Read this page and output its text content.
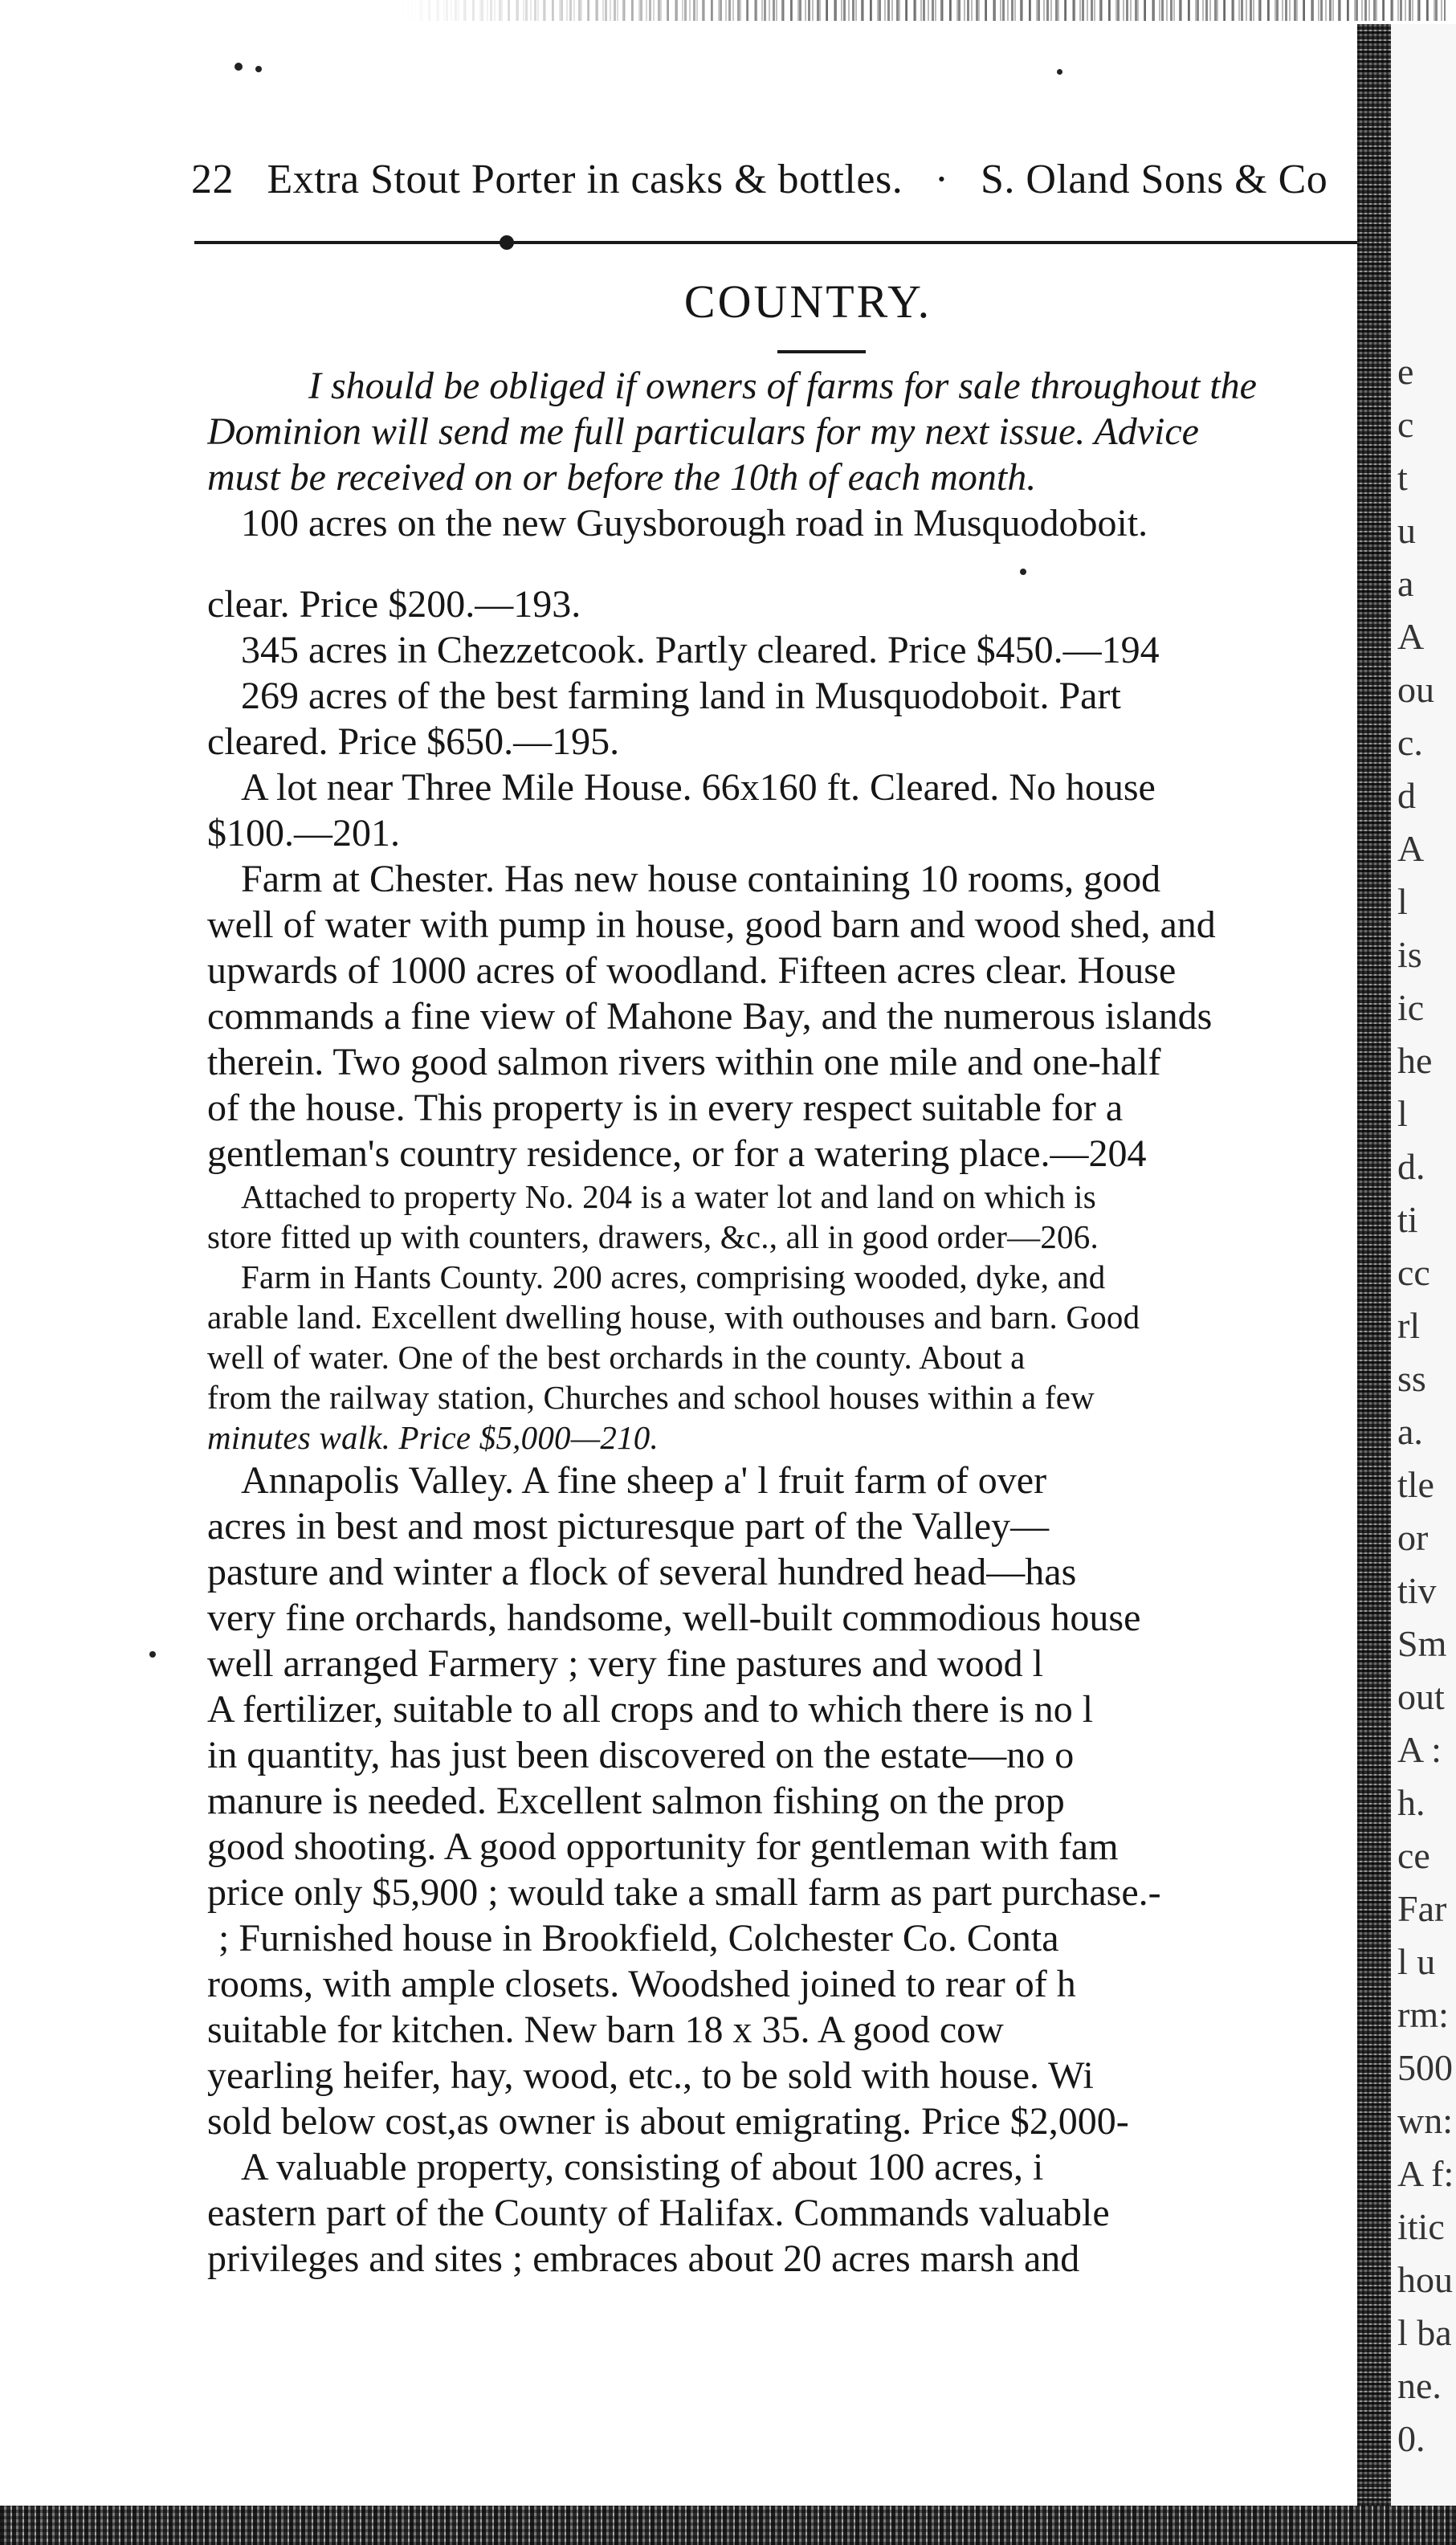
22 Extra Stout Porter in casks & bottles. · S. Oland Sons & Co
COUNTRY.
I should be obliged if owners of farms for sale throughout the
Dominion will send me full particulars for my next issue. Advice
must be received on or before the 10th of each month.
100 acres on the new Guysborough road in Musquodoboit.
clear. Price $200.—193.
345 acres in Chezzetcook. Partly cleared. Price $450.—194
269 acres of the best farming land in Musquodoboit. Part
cleared. Price $650.—195.
A lot near Three Mile House. 66x160 ft. Cleared. No house
$100.—201.
Farm at Chester. Has new house containing 10 rooms, good
well of water with pump in house, good barn and wood shed, and
upwards of 1000 acres of woodland. Fifteen acres clear. House
commands a fine view of Mahone Bay, and the numerous islands
therein. Two good salmon rivers within one mile and one-half
of the house. This property is in every respect suitable for a
gentleman's country residence, or for a watering place.—204
Attached to property No. 204 is a water lot and land on which is
store fitted up with counters, drawers, &c., all in good order—206.
Farm in Hants County. 200 acres, comprising wooded, dyke, and
arable land. Excellent dwelling house, with outhouses and barn. Good
well of water. One of the best orchards in the county. About a
from the railway station, Churches and school houses within a few
minutes walk. Price $5,000—210.
Annapolis Valley. A fine sheep a' l fruit farm of over
acres in best and most picturesque part of the Valley—
pasture and winter a flock of several hundred head—has
very fine orchards, handsome, well-built commodious house
well arranged Farmery ; very fine pastures and wood l
A fertilizer, suitable to all crops and to which there is no l
in quantity, has just been discovered on the estate—no o
manure is needed. Excellent salmon fishing on the prop
good shooting. A good opportunity for gentleman with fam
price only $5,900 ; would take a small farm as part purchase.-
; Furnished house in Brookfield, Colchester Co. Conta
rooms, with ample closets. Woodshed joined to rear of h
suitable for kitchen. New barn 18 x 35. A good cow
yearling heifer, hay, wood, etc., to be sold with house. Wi
sold below cost,as owner is about emigrating. Price $2,000-
A valuable property, consisting of about 100 acres, i
eastern part of the County of Halifax. Commands valuable
privileges and sites ; embraces about 20 acres marsh and
e
c
t
u
a
A
ou
c.
d
A
l
is
ic
he
l
d.
ti
cc
rl
ss
a.
tle
or
tiv
Sm
out
A :
h.
ce
Far
l u
rm:
500
wn:
A f:
itic
hou
l ba
ne.
0.
